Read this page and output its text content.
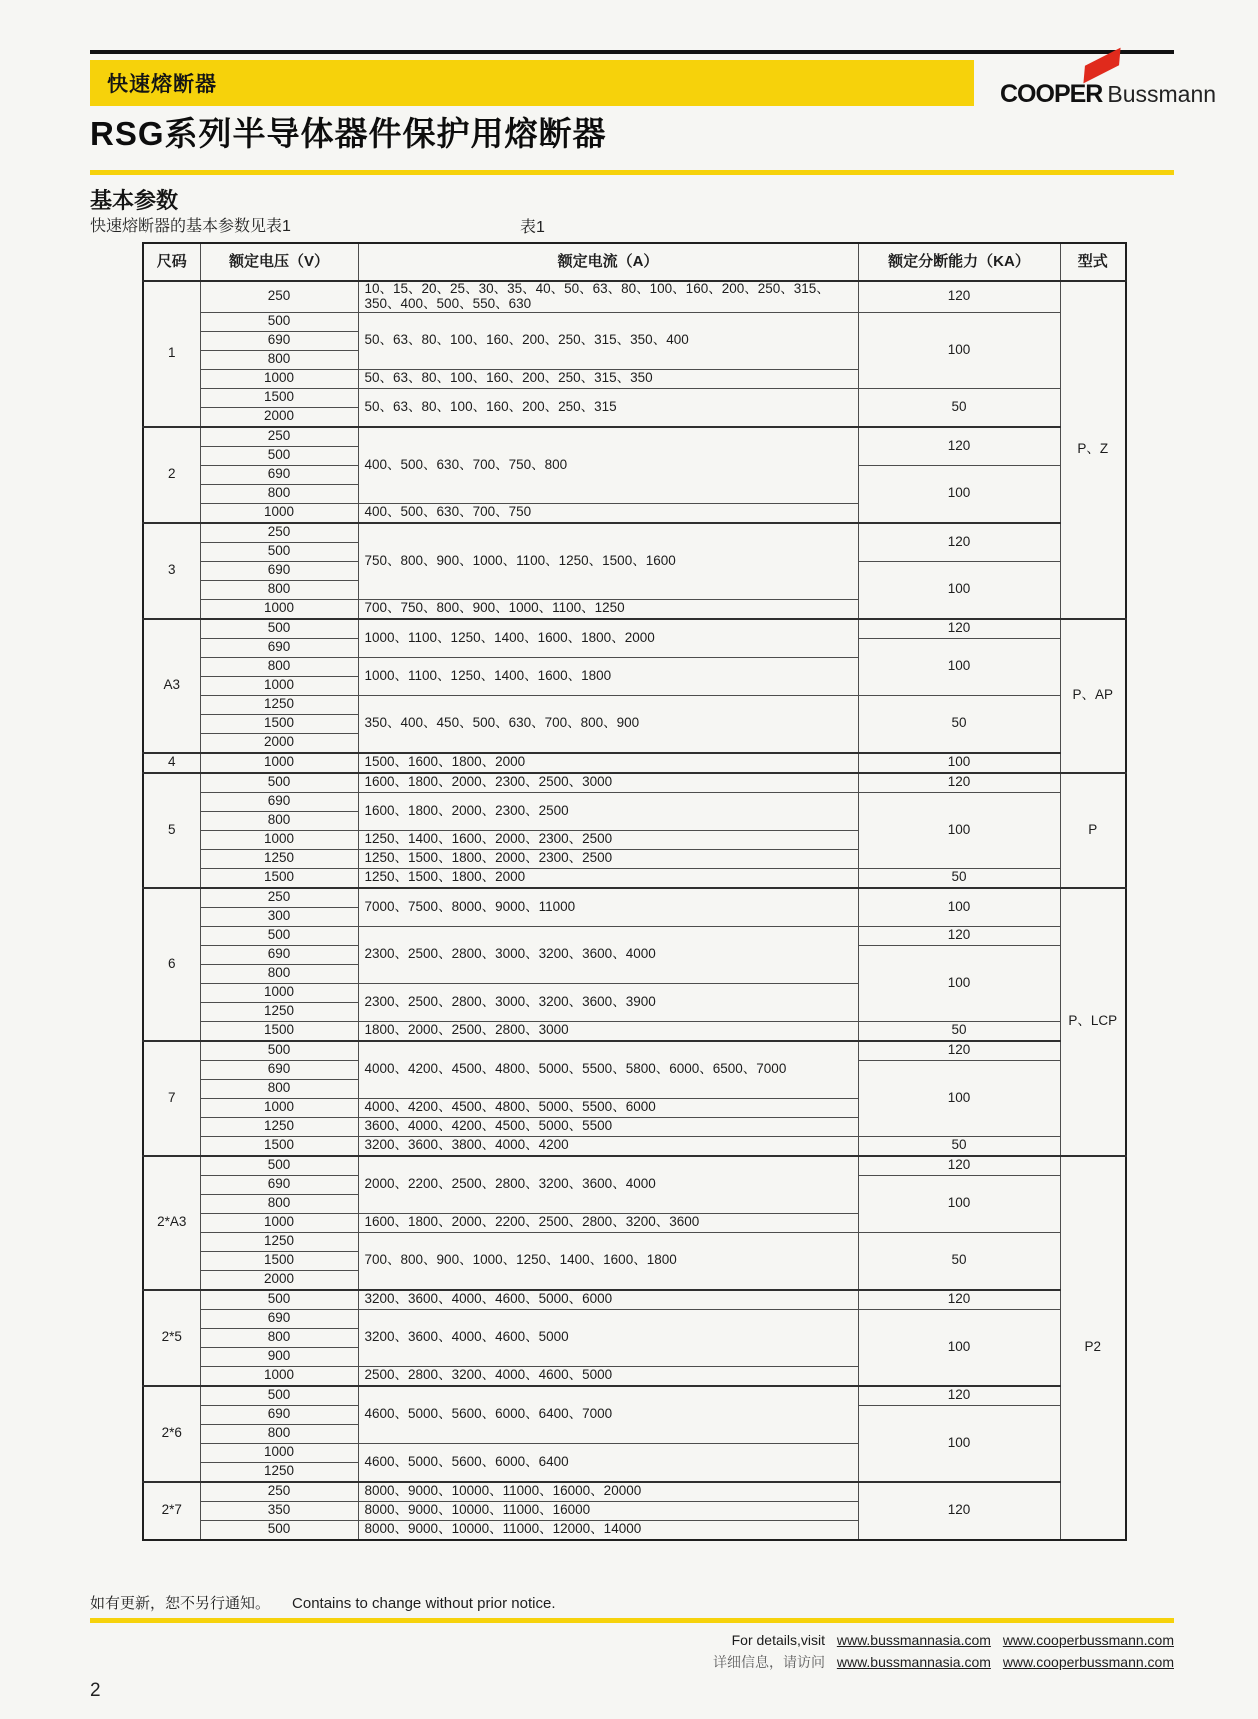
快速熔断器	COOPER Bussmann
RSG系列半导体器件保护用熔断器
基本参数
快速熔断器的基本参数见表1	表1
尺码	额定电压（V）	额定电流（A）	额定分断能力（KA）	型式
1	250	10、15、20、25、30、35、40、50、63、80、100、160、200、250、315、350、400、500、550、630	120	P、Z
	500	50、63、80、100、160、200、250、315、350、400	100	
	690			
	800			
	1000	50、63、80、100、160、200、250、315、350		
	1500	50、63、80、100、160、200、250、315	50	
	2000			
2	250	400、500、630、700、750、800	120	
	500			
	690		100	
	800			
	1000	400、500、630、700、750		
3	250	750、800、900、1000、1100、1250、1500、1600	120	
	500			
	690		100	
	800			
	1000	700、750、800、900、1000、1100、1250		
A3	500	1000、1100、1250、1400、1600、1800、2000	120	P、AP
	690		100	
	800	1000、1100、1250、1400、1600、1800		
	1000			
	1250	350、400、450、500、630、700、800、900	50	
	1500			
	2000			
4	1000	1500、1600、1800、2000	100	
5	500	1600、1800、2000、2300、2500、3000	120	P
	690	1600、1800、2000、2300、2500	100	
	800			
	1000	1250、1400、1600、2000、2300、2500		
	1250	1250、1500、1800、2000、2300、2500		
	1500	1250、1500、1800、2000	50	
6	250	7000、7500、8000、9000、11000	100	P、LCP
	300			
	500	2300、2500、2800、3000、3200、3600、4000	120	
	690		100	
	800			
	1000	2300、2500、2800、3000、3200、3600、3900		
	1250			
	1500	1800、2000、2500、2800、3000	50	
7	500	4000、4200、4500、4800、5000、5500、5800、6000、6500、7000	120	
	690		100	
	800			
	1000	4000、4200、4500、4800、5000、5500、6000		
	1250	3600、4000、4200、4500、5000、5500		
	1500	3200、3600、3800、4000、4200	50	
2*A3	500	2000、2200、2500、2800、3200、3600、4000	120	P2
	690		100	
	800			
	1000	1600、1800、2000、2200、2500、2800、3200、3600		
	1250	700、800、900、1000、1250、1400、1600、1800	50	
	1500			
	2000			
2*5	500	3200、3600、4000、4600、5000、6000	120	
	690	3200、3600、4000、4600、5000	100	
	800			
	900			
	1000	2500、2800、3200、4000、4600、5000		
2*6	500	4600、5000、5600、6000、6400、7000	120	
	690		100	
	800			
	1000	4600、5000、5600、6000、6400		
	1250			
2*7	250	8000、9000、10000、11000、16000、20000	120	
	350	8000、9000、10000、11000、16000		
	500	8000、9000、10000、11000、12000、14000		
如有更新，恕不另行通知。 Contains to change without prior notice.
For details,visit www.bussmannasia.com www.cooperbussmann.com
详细信息，请访问 www.bussmannasia.com www.cooperbussmann.com
2
